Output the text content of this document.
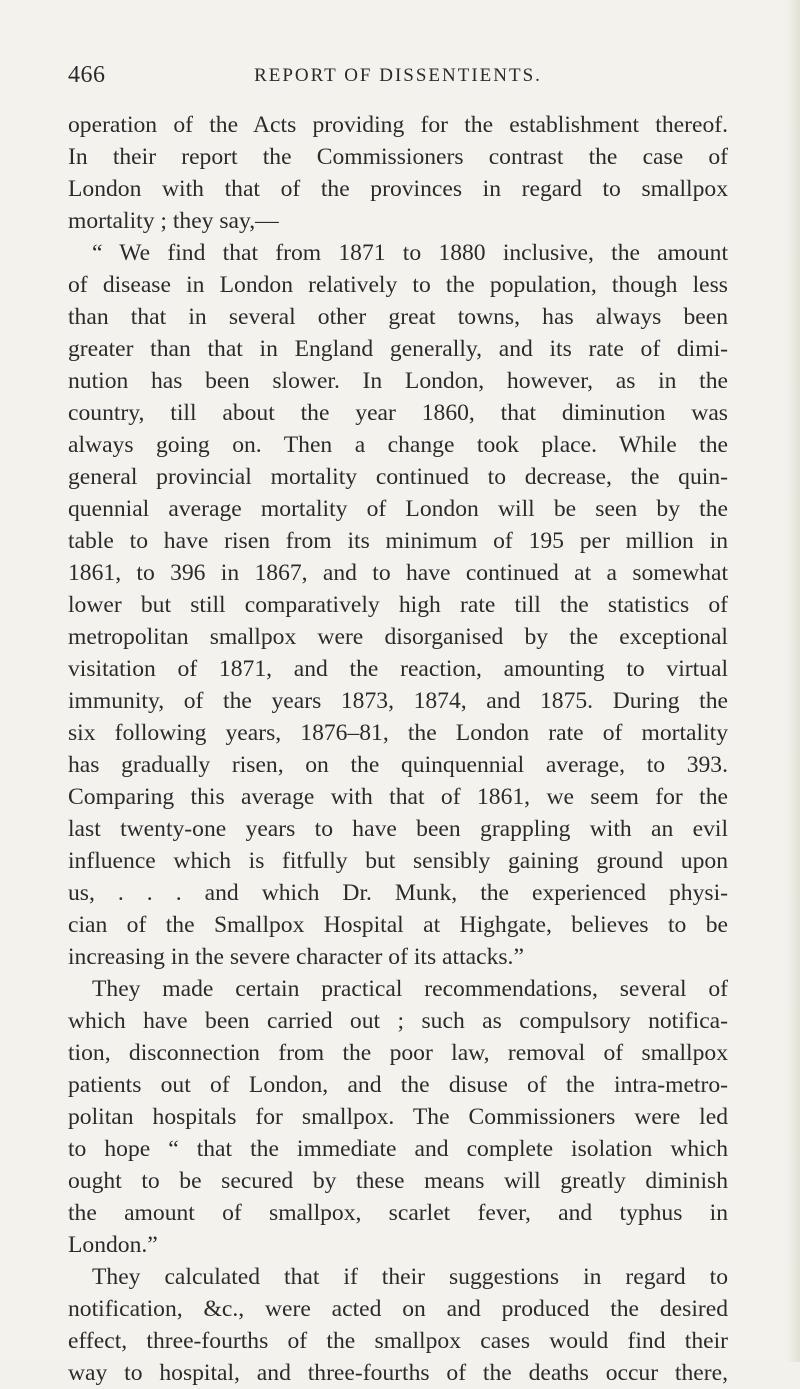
466	REPORT OF DISSENTIENTS.
operation of the Acts providing for the establishment thereof.
In their report the Commissioners contrast the case of
London with that of the provinces in regard to smallpox
mortality ; they say,—
“ We find that from 1871 to 1880 inclusive, the amount
of disease in London relatively to the population, though less
than that in several other great towns, has always been
greater than that in England generally, and its rate of dimi-
nution has been slower. In London, however, as in the
country, till about the year 1860, that diminution was
always going on. Then a change took place. While the
general provincial mortality continued to decrease, the quin-
quennial average mortality of London will be seen by the
table to have risen from its minimum of 195 per million in
1861, to 396 in 1867, and to have continued at a somewhat
lower but still comparatively high rate till the statistics of
metropolitan smallpox were disorganised by the exceptional
visitation of 1871, and the reaction, amounting to virtual
immunity, of the years 1873, 1874, and 1875. During the
six following years, 1876–81, the London rate of mortality
has gradually risen, on the quinquennial average, to 393.
Comparing this average with that of 1861, we seem for the
last twenty-one years to have been grappling with an evil
influence which is fitfully but sensibly gaining ground upon
us, . . . and which Dr. Munk, the experienced physi-
cian of the Smallpox Hospital at Highgate, believes to be
increasing in the severe character of its attacks.”
They made certain practical recommendations, several of
which have been carried out ; such as compulsory notifica-
tion, disconnection from the poor law, removal of smallpox
patients out of London, and the disuse of the intra-metro-
politan hospitals for smallpox. The Commissioners were led
to hope “ that the immediate and complete isolation which
ought to be secured by these means will greatly diminish
the amount of smallpox, scarlet fever, and typhus in
London.”
They calculated that if their suggestions in regard to
notification, &c., were acted on and produced the desired
effect, three-fourths of the smallpox cases would find their
way to hospital, and three-fourths of the deaths occur there,
